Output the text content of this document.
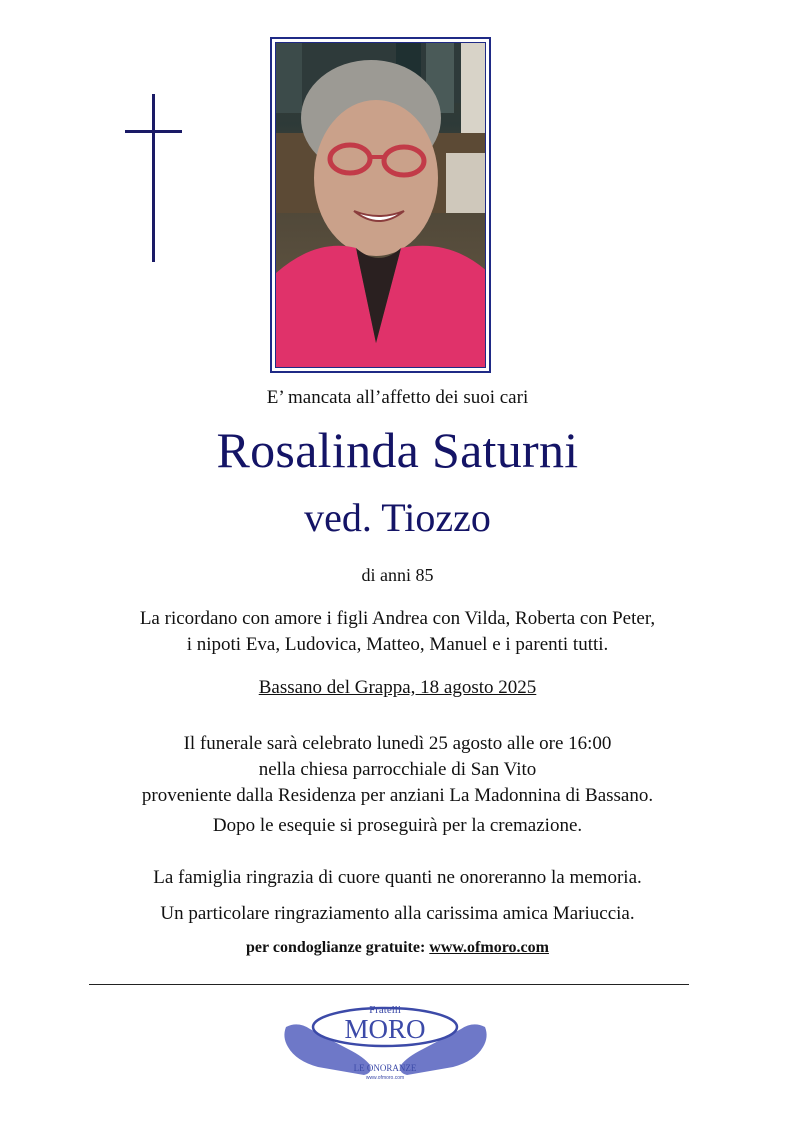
E’ mancata all’affetto dei suoi cari
Rosalinda Saturni
ved. Tiozzo
di anni 85
La ricordano con amore i figli Andrea con Vilda, Roberta con Peter,
i nipoti Eva, Ludovica, Matteo, Manuel e i parenti tutti.
Bassano del Grappa, 18 agosto 2025
Il funerale sarà celebrato lunedì 25 agosto alle ore 16:00
nella chiesa parrocchiale di San Vito
proveniente dalla Residenza per anziani La Madonnina di Bassano.
Dopo le esequie si proseguirà per la cremazione.
La famiglia ringrazia di cuore quanti ne onoreranno la memoria.
Un particolare ringraziamento alla carissima amica Mariuccia.
per condoglianze gratuite: www.ofmoro.com
Fratelli
MORO
LE ONORANZE
www.ofmoro.com
